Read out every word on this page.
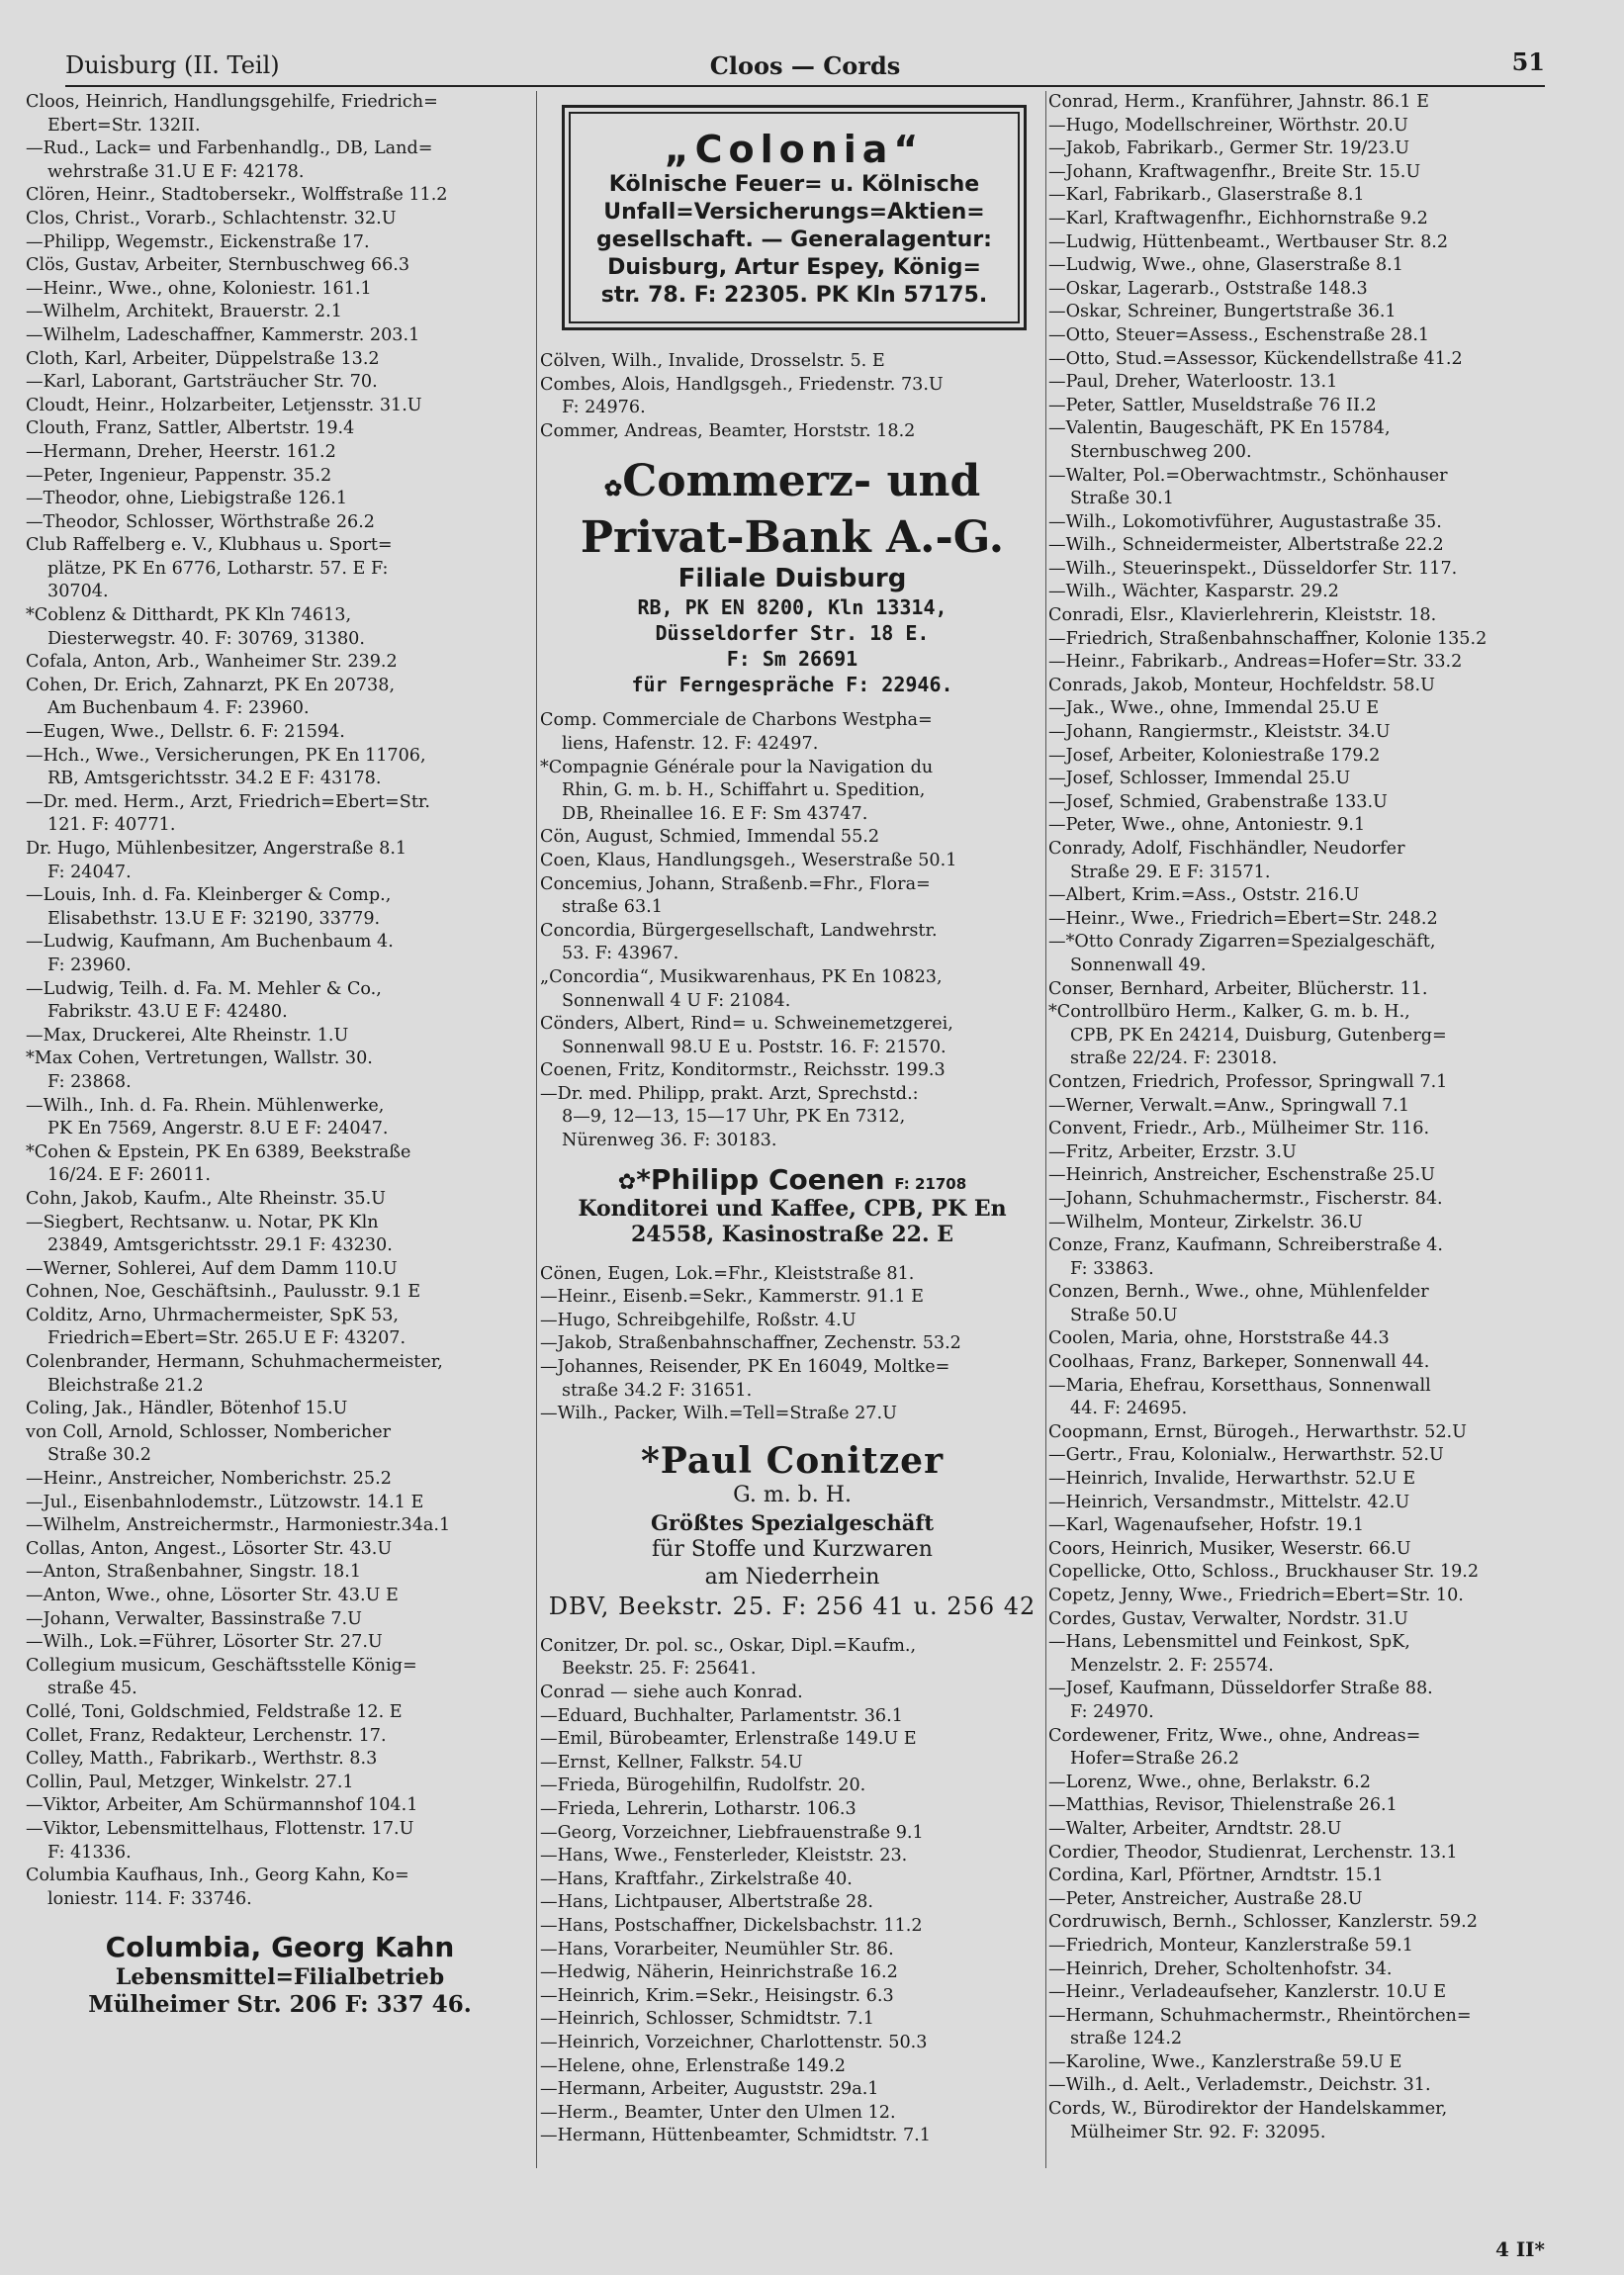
Duisburg (II. Teil)	Cloos — Cords	51
Cloos, Heinrich, Handlungsgehilfe, Friedrich=
Ebert=Str. 132II.
—Rud., Lack= und Farbenhandlg., DB, Land=
wehrstraße 31.U E F: 42178.
Clören, Heinr., Stadtobersekr., Wolffstraße 11.2
Clos, Christ., Vorarb., Schlachtenstr. 32.U
—Philipp, Wegemstr., Eickenstraße 17.
Clös, Gustav, Arbeiter, Sternbuschweg 66.3
—Heinr., Wwe., ohne, Koloniestr. 161.1
—Wilhelm, Architekt, Brauerstr. 2.1
—Wilhelm, Ladeschaffner, Kammerstr. 203.1
Cloth, Karl, Arbeiter, Düppelstraße 13.2
—Karl, Laborant, Gartsträucher Str. 70.
Cloudt, Heinr., Holzarbeiter, Letjensstr. 31.U
Clouth, Franz, Sattler, Albertstr. 19.4
—Hermann, Dreher, Heerstr. 161.2
—Peter, Ingenieur, Pappenstr. 35.2
—Theodor, ohne, Liebigstraße 126.1
—Theodor, Schlosser, Wörthstraße 26.2
Club Raffelberg e. V., Klubhaus u. Sport=
plätze, PK En 6776, Lotharstr. 57. E F:
30704.
*Coblenz & Ditthardt, PK Kln 74613,
Diesterwegstr. 40. F: 30769, 31380.
Cofala, Anton, Arb., Wanheimer Str. 239.2
Cohen, Dr. Erich, Zahnarzt, PK En 20738,
Am Buchenbaum 4. F: 23960.
—Eugen, Wwe., Dellstr. 6. F: 21594.
—Hch., Wwe., Versicherungen, PK En 11706,
RB, Amtsgerichtsstr. 34.2 E F: 43178.
—Dr. med. Herm., Arzt, Friedrich=Ebert=Str.
121. F: 40771.
Dr. Hugo, Mühlenbesitzer, Angerstraße 8.1
F: 24047.
—Louis, Inh. d. Fa. Kleinberger & Comp.,
Elisabethstr. 13.U E F: 32190, 33779.
—Ludwig, Kaufmann, Am Buchenbaum 4.
F: 23960.
—Ludwig, Teilh. d. Fa. M. Mehler & Co.,
Fabrikstr. 43.U E F: 42480.
—Max, Druckerei, Alte Rheinstr. 1.U
*Max Cohen, Vertretungen, Wallstr. 30.
F: 23868.
—Wilh., Inh. d. Fa. Rhein. Mühlenwerke,
PK En 7569, Angerstr. 8.U E F: 24047.
*Cohen & Epstein, PK En 6389, Beekstraße
16/24. E F: 26011.
Cohn, Jakob, Kaufm., Alte Rheinstr. 35.U
—Siegbert, Rechtsanw. u. Notar, PK Kln
23849, Amtsgerichtsstr. 29.1 F: 43230.
—Werner, Sohlerei, Auf dem Damm 110.U
Cohnen, Noe, Geschäftsinh., Paulusstr. 9.1 E
Colditz, Arno, Uhrmachermeister, SpK 53,
Friedrich=Ebert=Str. 265.U E F: 43207.
Colenbrander, Hermann, Schuhmachermeister,
Bleichstraße 21.2
Coling, Jak., Händler, Bötenhof 15.U
von Coll, Arnold, Schlosser, Nombericher
Straße 30.2
—Heinr., Anstreicher, Nomberichstr. 25.2
—Jul., Eisenbahnlodemstr., Lützowstr. 14.1 E
—Wilhelm, Anstreichermstr., Harmoniestr.34a.1
Collas, Anton, Angest., Lösorter Str. 43.U
—Anton, Straßenbahner, Singstr. 18.1
—Anton, Wwe., ohne, Lösorter Str. 43.U E
—Johann, Verwalter, Bassinstraße 7.U
—Wilh., Lok.=Führer, Lösorter Str. 27.U
Collegium musicum, Geschäftsstelle König=
straße 45.
Collé, Toni, Goldschmied, Feldstraße 12. E
Collet, Franz, Redakteur, Lerchenstr. 17.
Colley, Matth., Fabrikarb., Werthstr. 8.3
Collin, Paul, Metzger, Winkelstr. 27.1
—Viktor, Arbeiter, Am Schürmannshof 104.1
—Viktor, Lebensmittelhaus, Flottenstr. 17.U
F: 41336.
Columbia Kaufhaus, Inh., Georg Kahn, Ko=
loniestr. 114. F: 33746.
Columbia, Georg Kahn
Lebensmittel=Filialbetrieb
Mülheimer Str. 206 F: 337 46.
„Colonia“
Kölnische Feuer= u. Kölnische
Unfall=Versicherungs=Aktien=
gesellschaft. — Generalagentur:
Duisburg, Artur Espey, König=
str. 78. F: 22305. PK Kln 57175.
Cölven, Wilh., Invalide, Drosselstr. 5. E
Combes, Alois, Handlgsgeh., Friedenstr. 73.U
F: 24976.
Commer, Andreas, Beamter, Horststr. 18.2
✿Commerz- und
Privat-Bank A.-G.
Filiale Duisburg
RB, PK EN 8200, Kln 13314,
Düsseldorfer Str. 18 E.
F: Sm 26691
für Ferngespräche F: 22946.
Comp. Commerciale de Charbons Westpha=
liens, Hafenstr. 12. F: 42497.
*Compagnie Générale pour la Navigation du
Rhin, G. m. b. H., Schiffahrt u. Spedition,
DB, Rheinallee 16. E F: Sm 43747.
Cön, August, Schmied, Immendal 55.2
Coen, Klaus, Handlungsgeh., Weserstraße 50.1
Concemius, Johann, Straßenb.=Fhr., Flora=
straße 63.1
Concordia, Bürgergesellschaft, Landwehrstr.
53. F: 43967.
„Concordia“, Musikwarenhaus, PK En 10823,
Sonnenwall 4 U F: 21084.
Cönders, Albert, Rind= u. Schweinemetzgerei,
Sonnenwall 98.U E u. Poststr. 16. F: 21570.
Coenen, Fritz, Konditormstr., Reichsstr. 199.3
—Dr. med. Philipp, prakt. Arzt, Sprechstd.:
8—9, 12—13, 15—17 Uhr, PK En 7312,
Nürenweg 36. F: 30183.
✿*Philipp Coenen F: 21708
Konditorei und Kaffee, CPB, PK En
24558, Kasinostraße 22. E
Cönen, Eugen, Lok.=Fhr., Kleiststraße 81.
—Heinr., Eisenb.=Sekr., Kammerstr. 91.1 E
—Hugo, Schreibgehilfe, Roßstr. 4.U
—Jakob, Straßenbahnschaffner, Zechenstr. 53.2
—Johannes, Reisender, PK En 16049, Moltke=
straße 34.2 F: 31651.
—Wilh., Packer, Wilh.=Tell=Straße 27.U
*Paul Conitzer
G. m. b. H.
Größtes Spezialgeschäft
für Stoffe und Kurzwaren
am Niederrhein
DBV, Beekstr. 25. F: 256 41 u. 256 42
Conitzer, Dr. pol. sc., Oskar, Dipl.=Kaufm.,
Beekstr. 25. F: 25641.
Conrad — siehe auch Konrad.
—Eduard, Buchhalter, Parlamentstr. 36.1
—Emil, Bürobeamter, Erlenstraße 149.U E
—Ernst, Kellner, Falkstr. 54.U
—Frieda, Bürogehilfin, Rudolfstr. 20.
—Frieda, Lehrerin, Lotharstr. 106.3
—Georg, Vorzeichner, Liebfrauenstraße 9.1
—Hans, Wwe., Fensterleder, Kleiststr. 23.
—Hans, Kraftfahr., Zirkelstraße 40.
—Hans, Lichtpauser, Albertstraße 28.
—Hans, Postschaffner, Dickelsbachstr. 11.2
—Hans, Vorarbeiter, Neumühler Str. 86.
—Hedwig, Näherin, Heinrichstraße 16.2
—Heinrich, Krim.=Sekr., Heisingstr. 6.3
—Heinrich, Schlosser, Schmidtstr. 7.1
—Heinrich, Vorzeichner, Charlottenstr. 50.3
—Helene, ohne, Erlenstraße 149.2
—Hermann, Arbeiter, Auguststr. 29a.1
—Herm., Beamter, Unter den Ulmen 12.
—Hermann, Hüttenbeamter, Schmidtstr. 7.1
Conrad, Herm., Kranführer, Jahnstr. 86.1 E
—Hugo, Modellschreiner, Wörthstr. 20.U
—Jakob, Fabrikarb., Germer Str. 19/23.U
—Johann, Kraftwagenfhr., Breite Str. 15.U
—Karl, Fabrikarb., Glaserstraße 8.1
—Karl, Kraftwagenfhr., Eichhornstraße 9.2
—Ludwig, Hüttenbeamt., Wertbauser Str. 8.2
—Ludwig, Wwe., ohne, Glaserstraße 8.1
—Oskar, Lagerarb., Oststraße 148.3
—Oskar, Schreiner, Bungertstraße 36.1
—Otto, Steuer=Assess., Eschenstraße 28.1
—Otto, Stud.=Assessor, Kückendellstraße 41.2
—Paul, Dreher, Waterloostr. 13.1
—Peter, Sattler, Museldstraße 76 II.2
—Valentin, Baugeschäft, PK En 15784,
Sternbuschweg 200.
—Walter, Pol.=Oberwachtmstr., Schönhauser
Straße 30.1
—Wilh., Lokomotivführer, Augustastraße 35.
—Wilh., Schneidermeister, Albertstraße 22.2
—Wilh., Steuerinspekt., Düsseldorfer Str. 117.
—Wilh., Wächter, Kasparstr. 29.2
Conradi, Elsr., Klavierlehrerin, Kleiststr. 18.
—Friedrich, Straßenbahnschaffner, Kolonie 135.2
—Heinr., Fabrikarb., Andreas=Hofer=Str. 33.2
Conrads, Jakob, Monteur, Hochfeldstr. 58.U
—Jak., Wwe., ohne, Immendal 25.U E
—Johann, Rangiermstr., Kleiststr. 34.U
—Josef, Arbeiter, Koloniestraße 179.2
—Josef, Schlosser, Immendal 25.U
—Josef, Schmied, Grabenstraße 133.U
—Peter, Wwe., ohne, Antoniestr. 9.1
Conrady, Adolf, Fischhändler, Neudorfer
Straße 29. E F: 31571.
—Albert, Krim.=Ass., Oststr. 216.U
—Heinr., Wwe., Friedrich=Ebert=Str. 248.2
—*Otto Conrady Zigarren=Spezialgeschäft,
Sonnenwall 49.
Conser, Bernhard, Arbeiter, Blücherstr. 11.
*Controllbüro Herm., Kalker, G. m. b. H.,
CPB, PK En 24214, Duisburg, Gutenberg=
straße 22/24. F: 23018.
Contzen, Friedrich, Professor, Springwall 7.1
—Werner, Verwalt.=Anw., Springwall 7.1
Convent, Friedr., Arb., Mülheimer Str. 116.
—Fritz, Arbeiter, Erzstr. 3.U
—Heinrich, Anstreicher, Eschenstraße 25.U
—Johann, Schuhmachermstr., Fischerstr. 84.
—Wilhelm, Monteur, Zirkelstr. 36.U
Conze, Franz, Kaufmann, Schreiberstraße 4.
F: 33863.
Conzen, Bernh., Wwe., ohne, Mühlenfelder
Straße 50.U
Coolen, Maria, ohne, Horststraße 44.3
Coolhaas, Franz, Barkeper, Sonnenwall 44.
—Maria, Ehefrau, Korsetthaus, Sonnenwall
44. F: 24695.
Coopmann, Ernst, Bürogeh., Herwarthstr. 52.U
—Gertr., Frau, Kolonialw., Herwarthstr. 52.U
—Heinrich, Invalide, Herwarthstr. 52.U E
—Heinrich, Versandmstr., Mittelstr. 42.U
—Karl, Wagenaufseher, Hofstr. 19.1
Coors, Heinrich, Musiker, Weserstr. 66.U
Copellicke, Otto, Schloss., Bruckhauser Str. 19.2
Copetz, Jenny, Wwe., Friedrich=Ebert=Str. 10.
Cordes, Gustav, Verwalter, Nordstr. 31.U
—Hans, Lebensmittel und Feinkost, SpK,
Menzelstr. 2. F: 25574.
—Josef, Kaufmann, Düsseldorfer Straße 88.
F: 24970.
Cordewener, Fritz, Wwe., ohne, Andreas=
Hofer=Straße 26.2
—Lorenz, Wwe., ohne, Berlakstr. 6.2
—Matthias, Revisor, Thielenstraße 26.1
—Walter, Arbeiter, Arndtstr. 28.U
Cordier, Theodor, Studienrat, Lerchenstr. 13.1
Cordina, Karl, Pförtner, Arndtstr. 15.1
—Peter, Anstreicher, Austraße 28.U
Cordruwisch, Bernh., Schlosser, Kanzlerstr. 59.2
—Friedrich, Monteur, Kanzlerstraße 59.1
—Heinrich, Dreher, Scholtenhofstr. 34.
—Heinr., Verladeaufseher, Kanzlerstr. 10.U E
—Hermann, Schuhmachermstr., Rheintörchen=
straße 124.2
—Karoline, Wwe., Kanzlerstraße 59.U E
—Wilh., d. Aelt., Verlademstr., Deichstr. 31.
Cords, W., Bürodirektor der Handelskammer,
Mülheimer Str. 92. F: 32095.
4 II*
